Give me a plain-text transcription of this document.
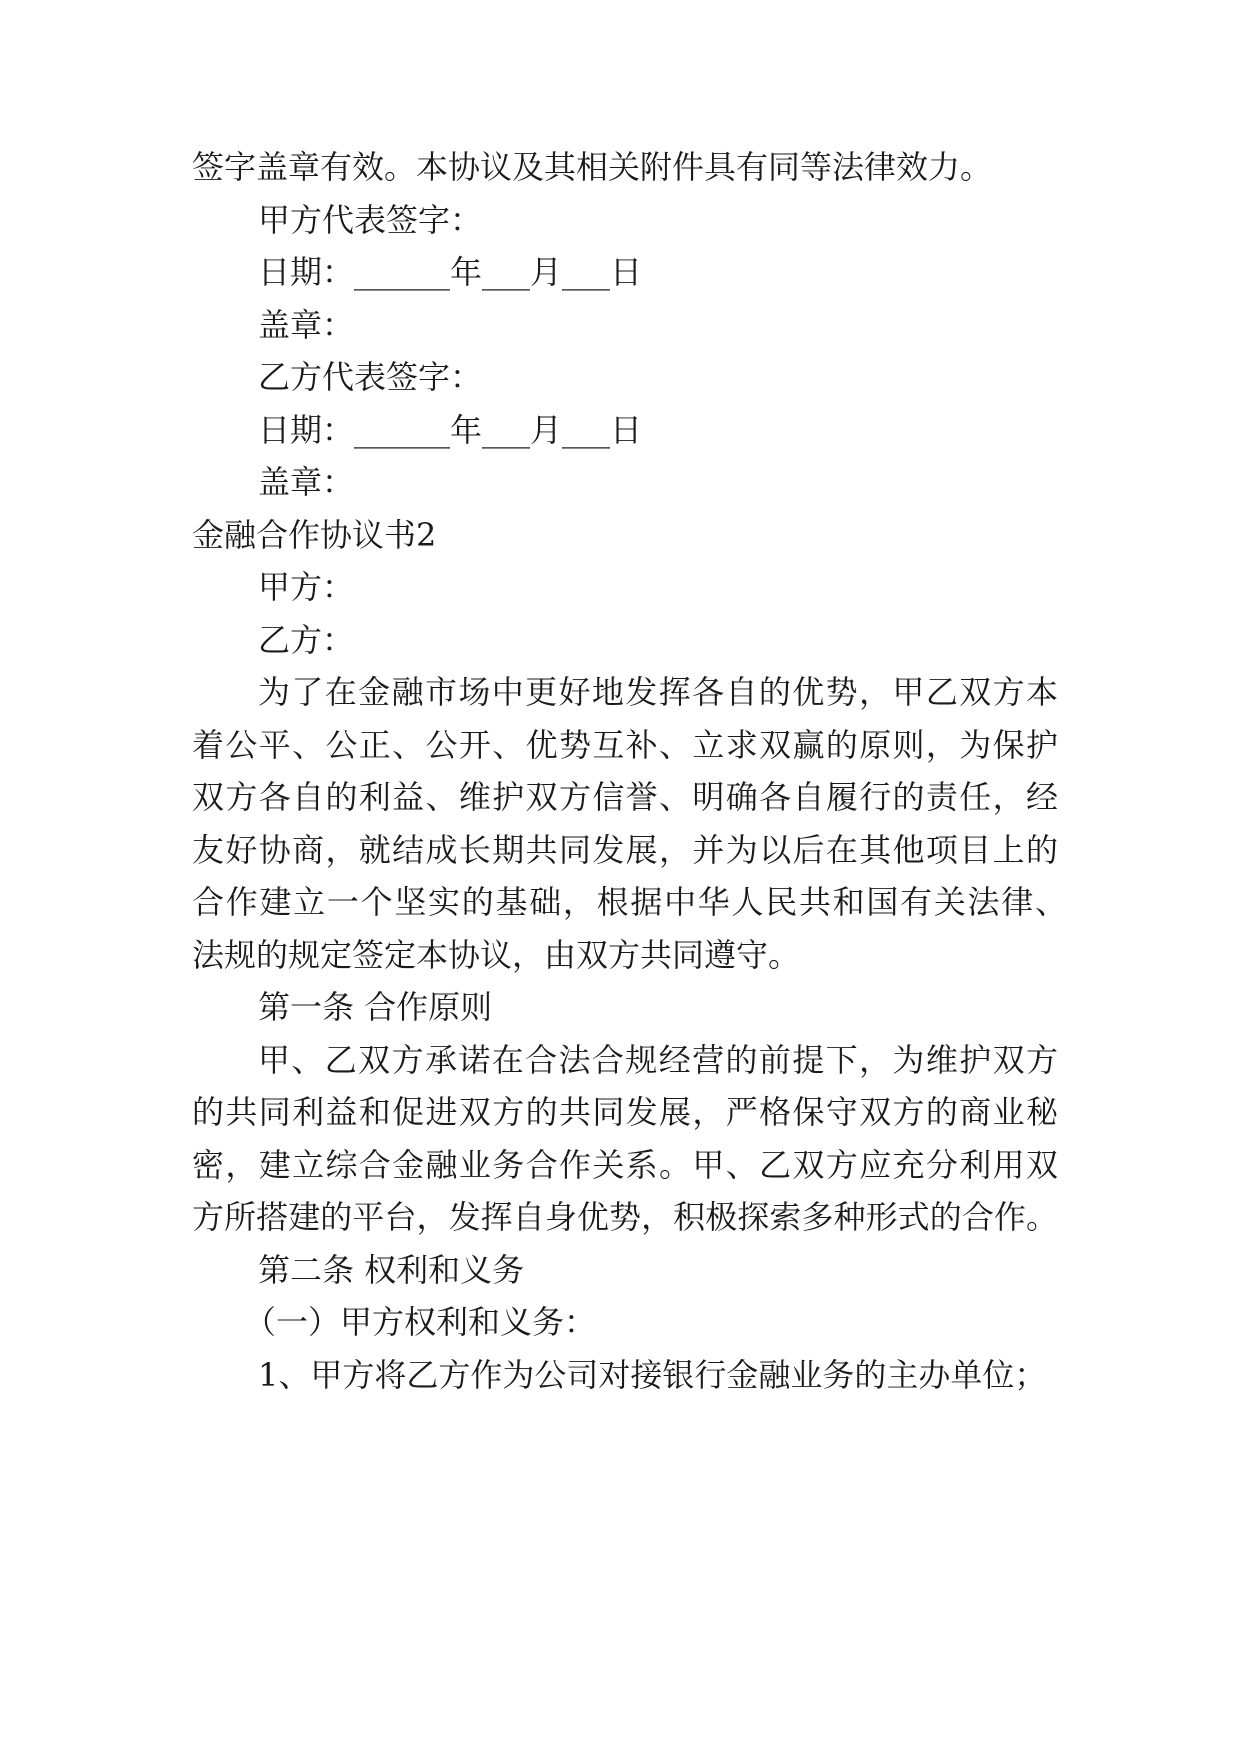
签字盖章有效。本协议及其相关附件具有同等法律效力。

甲方代表签字：

日期：______年___月___日

盖章：

乙方代表签字：

日期：______年___月___日

盖章：

金融合作协议书2

甲方：

乙方：

为了在金融市场中更好地发挥各自的优势，甲乙双方本

着公平、公正、公开、优势互补、立求双赢的原则，为保护

双方各自的利益、维护双方信誉、明确各自履行的责任，经

友好协商，就结成长期共同发展，并为以后在其他项目上的

合作建立一个坚实的基础，根据中华人民共和国有关法律、

法规的规定签定本协议，由双方共同遵守。

第一条 合作原则

甲、乙双方承诺在合法合规经营的前提下，为维护双方

的共同利益和促进双方的共同发展，严格保守双方的商业秘

密，建立综合金融业务合作关系。甲、乙双方应充分利用双

方所搭建的平台，发挥自身优势，积极探索多种形式的合作。

第二条 权利和义务

（一）甲方权利和义务：

1、甲方将乙方作为公司对接银行金融业务的主办单位；
